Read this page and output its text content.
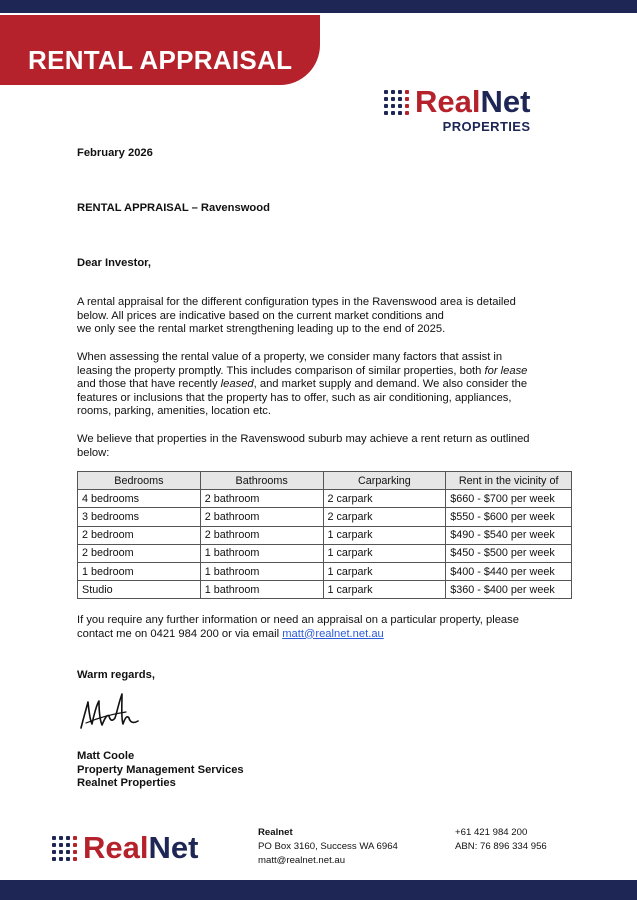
RENTAL APPRAISAL
RealNet
PROPERTIES
February 2026
RENTAL APPRAISAL – Ravenswood
Dear Investor,
A rental appraisal for the different configuration types in the Ravenswood area is detailed
below. All prices are indicative based on the current market conditions and
we only see the rental market strengthening leading up to the end of 2025.
When assessing the rental value of a property, we consider many factors that assist in
leasing the property promptly. This includes comparison of similar properties, both for lease
and those that have recently leased, and market supply and demand. We also consider the
features or inclusions that the property has to offer, such as air conditioning, appliances,
rooms, parking, amenities, location etc.
We believe that properties in the Ravenswood suburb may achieve a rent return as outlined
below:
Bedrooms	Bathrooms	Carparking	Rent in the vicinity of
4 bedrooms	2 bathroom	2 carpark	$660 - $700 per week
3 bedrooms	2 bathroom	2 carpark	$550 - $600 per week
2 bedroom	2 bathroom	1 carpark	$490 - $540 per week
2 bedroom	1 bathroom	1 carpark	$450 - $500 per week
1 bedroom	1 bathroom	1 carpark	$400 - $440 per week
Studio	1 bathroom	1 carpark	$360 - $400 per week
If you require any further information or need an appraisal on a particular property, please
contact me on 0421 984 200 or via email matt@realnet.net.au
Warm regards,
Matt Coole
Property Management Services
Realnet Properties
RealNet	Realnet
PO Box 3160, Success WA 6964
matt@realnet.net.au
+61 421 984 200
ABN: 76 896 334 956
